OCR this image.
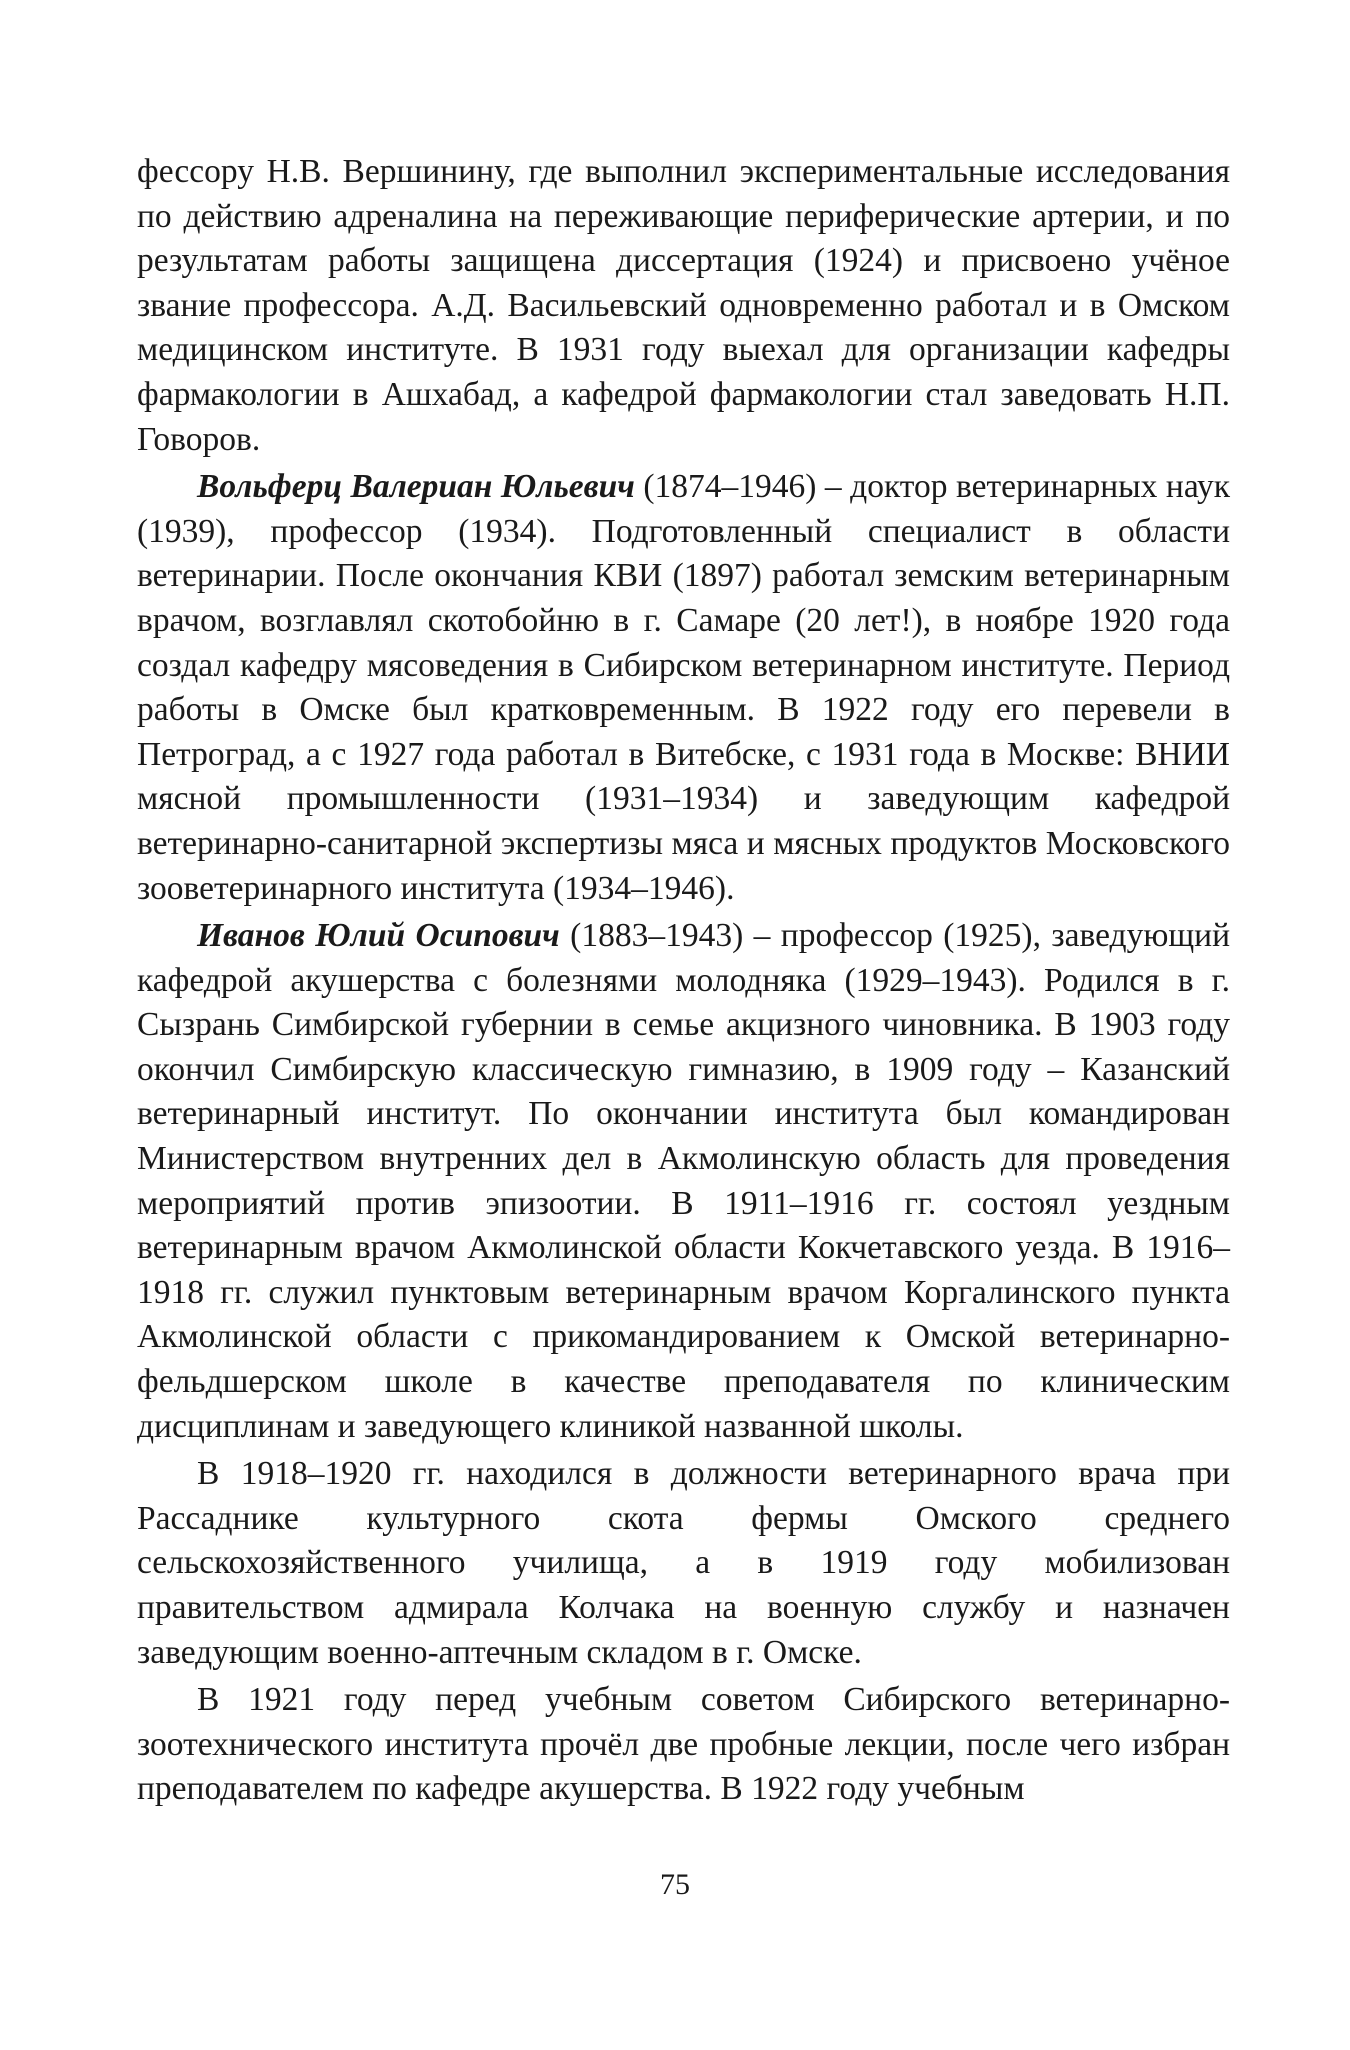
фессору Н.В. Вершинину, где выполнил экспериментальные исследования по действию адреналина на переживающие периферические артерии, и по результатам работы защищена диссертация (1924) и присвоено учёное звание профессора. А.Д. Васильевский одновременно работал и в Омском медицинском институте. В 1931 году выехал для организации кафедры фармакологии в Ашхабад, а кафедрой фармакологии стал заведовать Н.П. Говоров.

Вольферц Валериан Юльевич (1874–1946) – доктор ветеринарных наук (1939), профессор (1934). Подготовленный специалист в области ветеринарии. После окончания КВИ (1897) работал земским ветеринарным врачом, возглавлял скотобойню в г. Самаре (20 лет!), в ноябре 1920 года создал кафедру мясоведения в Сибирском ветеринарном институте. Период работы в Омске был кратковременным. В 1922 году его перевели в Петроград, а с 1927 года работал в Витебске, с 1931 года в Москве: ВНИИ мясной промышленности (1931–1934) и заведующим кафедрой ветеринарно-санитарной экспертизы мяса и мясных продуктов Московского зооветеринарного института (1934–1946).

Иванов Юлий Осипович (1883–1943) – профессор (1925), заведующий кафедрой акушерства с болезнями молодняка (1929–1943). Родился в г. Сызрань Симбирской губернии в семье акцизного чиновника. В 1903 году окончил Симбирскую классическую гимназию, в 1909 году – Казанский ветеринарный институт. По окончании института был командирован Министерством внутренних дел в Акмолинскую область для проведения мероприятий против эпизоотии. В 1911–1916 гг. состоял уездным ветеринарным врачом Акмолинской области Кокчетавского уезда. В 1916–1918 гг. служил пунктовым ветеринарным врачом Коргалинского пункта Акмолинской области с прикомандированием к Омской ветеринарно-фельдшерском школе в качестве преподавателя по клиническим дисциплинам и заведующего клиникой названной школы.

В 1918–1920 гг. находился в должности ветеринарного врача при Рассаднике культурного скота фермы Омского среднего сельскохозяйственного училища, а в 1919 году мобилизован правительством адмирала Колчака на военную службу и назначен заведующим военно-аптечным складом в г. Омске.

В 1921 году перед учебным советом Сибирского ветеринарно-зоотехнического института прочёл две пробные лекции, после чего избран преподавателем по кафедре акушерства. В 1922 году учебным

75
